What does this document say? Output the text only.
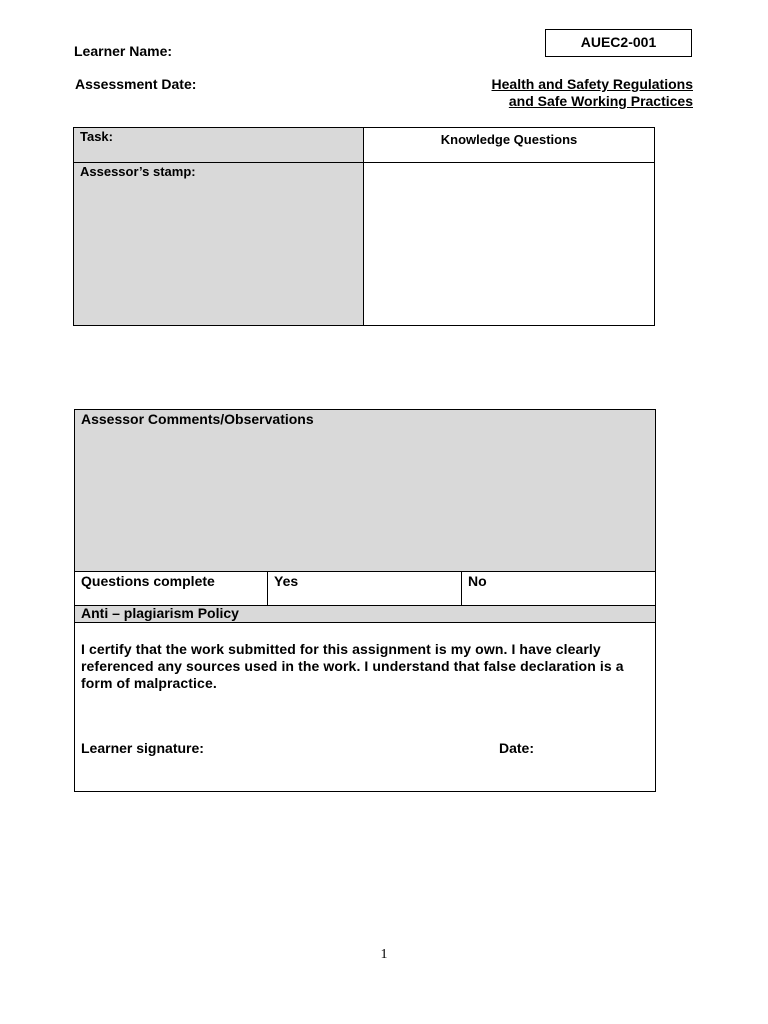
Learner Name:
Assessment Date:
AUEC2-001
Health and Safety Regulations
and Safe Working Practices
Task:	Knowledge Questions
Assessor’s stamp:
Assessor Comments/Observations
Questions complete	Yes	No
Anti – plagiarism Policy
I certify that the work submitted for this assignment is my own. I have clearly referenced any sources used in the work. I understand that false declaration is a form of malpractice.
Learner signature:	Date:
1
